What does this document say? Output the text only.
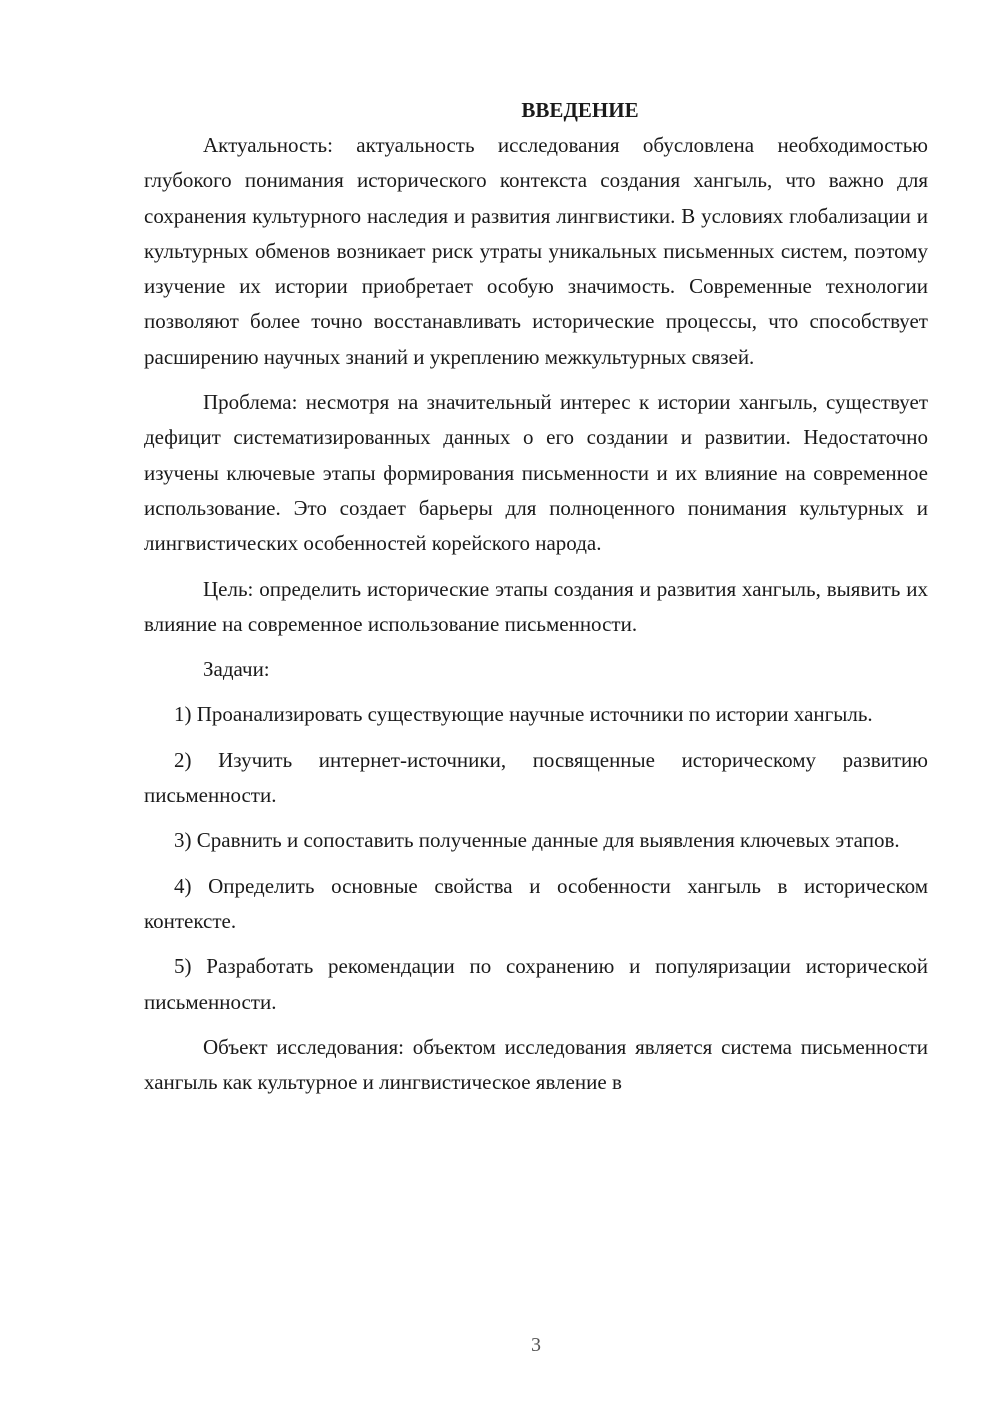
ВВЕДЕНИЕ

Актуальность: актуальность исследования обусловлена необходимостью глубокого понимания исторического контекста создания хангыль, что важно для сохранения культурного наследия и развития лингвистики. В условиях глобализации и культурных обменов возникает риск утраты уникальных письменных систем, поэтому изучение их истории приобретает особую значимость. Современные технологии позволяют более точно восстанавливать исторические процессы, что способствует расширению научных знаний и укреплению межкультурных связей.

Проблема: несмотря на значительный интерес к истории хангыль, существует дефицит систематизированных данных о его создании и развитии. Недостаточно изучены ключевые этапы формирования письменности и их влияние на современное использование. Это создает барьеры для полноценного понимания культурных и лингвистических особенностей корейского народа.

Цель: определить исторические этапы создания и развития хангыль, выявить их влияние на современное использование письменности.

Задачи:

1) Проанализировать существующие научные источники по истории хангыль.

2) Изучить интернет-источники, посвященные историческому развитию письменности.

3) Сравнить и сопоставить полученные данные для выявления ключевых этапов.

4) Определить основные свойства и особенности хангыль в историческом контексте.

5) Разработать рекомендации по сохранению и популяризации исторической письменности.

Объект исследования: объектом исследования является система письменности хангыль как культурное и лингвистическое явление в

3
